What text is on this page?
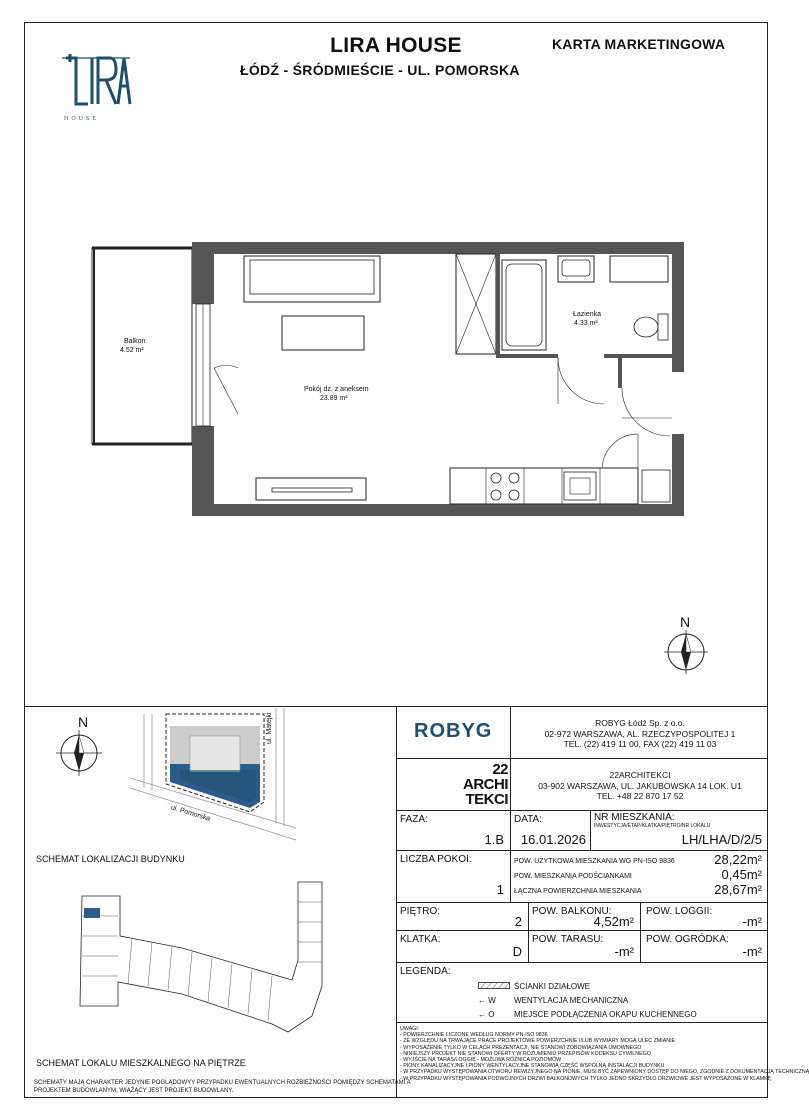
LIRA HOUSE
ŁÓDŹ - ŚRÓDMIEŚCIE - UL. POMORSKA
KARTA MARKETINGOWA
HOUSE
Balkon
4.52 m²
Pokój dz. z aneksem
23.89 m²
Łazienka
4.33 m²
N
N
ul. Pomorska
ul. Matejki
SCHEMAT LOKALIZACJI BUDYNKU
SCHEMAT LOKALU MIESZKALNEGO NA PIĘTRZE
SCHEMATY MAJĄ CHARAKTER JEDYNIE POGLĄDOWYY PRZYPADKU EWENTUALNYCH ROZBIEŻNOŚCI POMIĘDZY SCHEMATAMI A
PROJEKTEM BUDOWLANYM, WIĄŻĄCY JEST PROJEKT BUDOWLANY.
ROBYG	ROBYG Łódź Sp. z o.o.
02-972 WARSZAWA, AL. RZECZYPOSPOLITEJ 1
TEL. (22) 419 11 00, FAX (22) 419 11 03
22
ARCHI
TEKCI
22ARCHITEKCI
03-902 WARSZAWA, UL. JAKUBOWSKA 14 LOK. U1
TEL. +48 22 870 17 52
FAZA:
1.B
DATA:
16.01.2026
NR MIESZKANIA:
INWESTYCJA/ETAP/KLATKA/PIĘTRO/NR LOKALU
LH/LHA/D/2/5
LICZBA POKOI:
1
POW. UŻYTKOWA MIESZKANIA WG PN-ISO 9836	28,22m²
POW. MIESZKANIA PODŚCIANKAMI	0,45m²
ŁĄCZNA POWIERZCHNIA MIESZKANIA	28,67m²
PIĘTRO:
2
POW. BALKONU:
4,52m²
POW. LOGGII:
-m²
KLATKA:
D
POW. TARASU:
-m²
POW. OGRÓDKA:
-m²
LEGENDA:
ŚCIANKI DZIAŁOWE
← W WENTYLACJA MECHANICZNA
← O MIEJSCE PODŁĄCZENIA OKAPU KUCHENNEGO
UWAGI:
- POWIERZCHNIE LICZONE WEDŁUG NORMY PN-ISO 9836
- ZE WZGLĘDU NA TRWAJĄCE PRACE PROJEKTOWE POWIERZCHNIE I/LUB WYMIARY MOGĄ ULEC ZMIANIE
- WYPOSAŻENIE TYLKO W CELACH PREZENTACJI, NIE STANOWI ZOBOWIĄZANIA UMOWNEGO
- NINIEJSZY PROJEKT NIE STANOWI OFERTY W ROZUMIENIU PRZEPISÓW KODEKSU CYWILNEGO
- WYJŚCIE NA TARAS/LOGGIĘ - MOŻLIWA RÓŻNICA POZIOMÓW
- PIONY KANALIZACYJNE I PIONY WENTYLACYJNE STANOWIĄ CZĘŚĆ WSPÓLNĄ INSTALACJI BUDYNKU
- W PRZYPADKU WYSTĘPOWANIA OTWORU REWIZYJNEGO NA PIONIE, MUSI BYĆ ZAPEWNIONY DOSTĘP DO NIEGO, ZGODNIE Z DOKUMENTACJĄ TECHNICZNĄ
- W PRZYPADKU WYSTĘPOWANIA PODWÓJNYCH DRZWI BALKONOWYCH TYLKO JEDNO SKRZYDŁO DRZWIOWE JEST WYPOSAŻONE W KLAMKĘ
